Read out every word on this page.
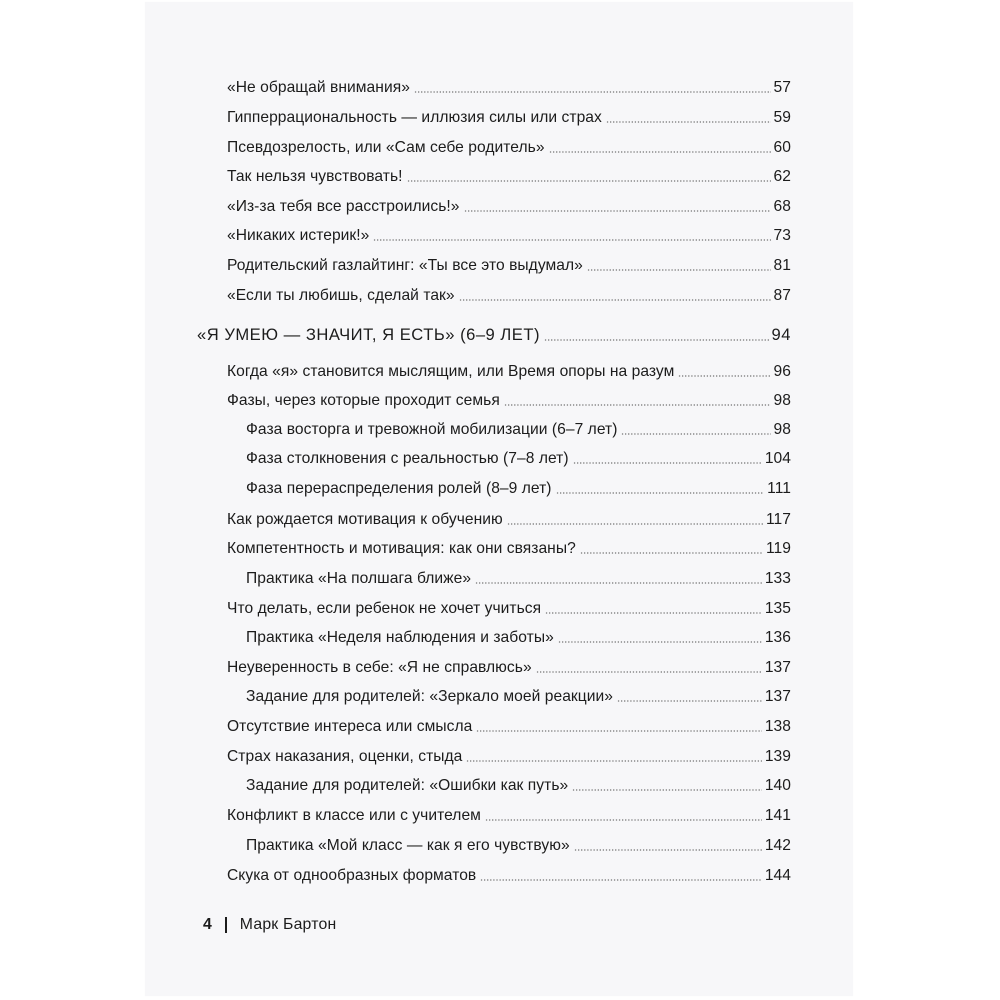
«Не обращай внимания»	57
Гипперрациональность — иллюзия силы или страх	59
Псевдозрелость, или «Сам себе родитель»	60
Так нельзя чувствовать!	62
«Из-за тебя все расстроились!»	68
«Никаких истерик!»	73
Родительский газлайтинг: «Ты все это выдумал»	81
«Если ты любишь, сделай так»	87
«Я УМЕЮ — ЗНАЧИТ, Я ЕСТЬ» (6–9 ЛЕТ)	94
Когда «я» становится мыслящим, или Время опоры на разум	96
Фазы, через которые проходит семья	98
Фаза восторга и тревожной мобилизации (6–7 лет)	98
Фаза столкновения с реальностью (7–8 лет)	104
Фаза перераспределения ролей (8–9 лет)	111
Как рождается мотивация к обучению	117
Компетентность и мотивация: как они связаны?	119
Практика «На полшага ближе»	133
Что делать, если ребенок не хочет учиться	135
Практика «Неделя наблюдения и заботы»	136
Неуверенность в себе: «Я не справлюсь»	137
Задание для родителей: «Зеркало моей реакции»	137
Отсутствие интереса или смысла	138
Страх наказания, оценки, стыда	139
Задание для родителей: «Ошибки как путь»	140
Конфликт в классе или с учителем	141
Практика «Мой класс — как я его чувствую»	142
Скука от однообразных форматов	144
4 Марк Бартон
